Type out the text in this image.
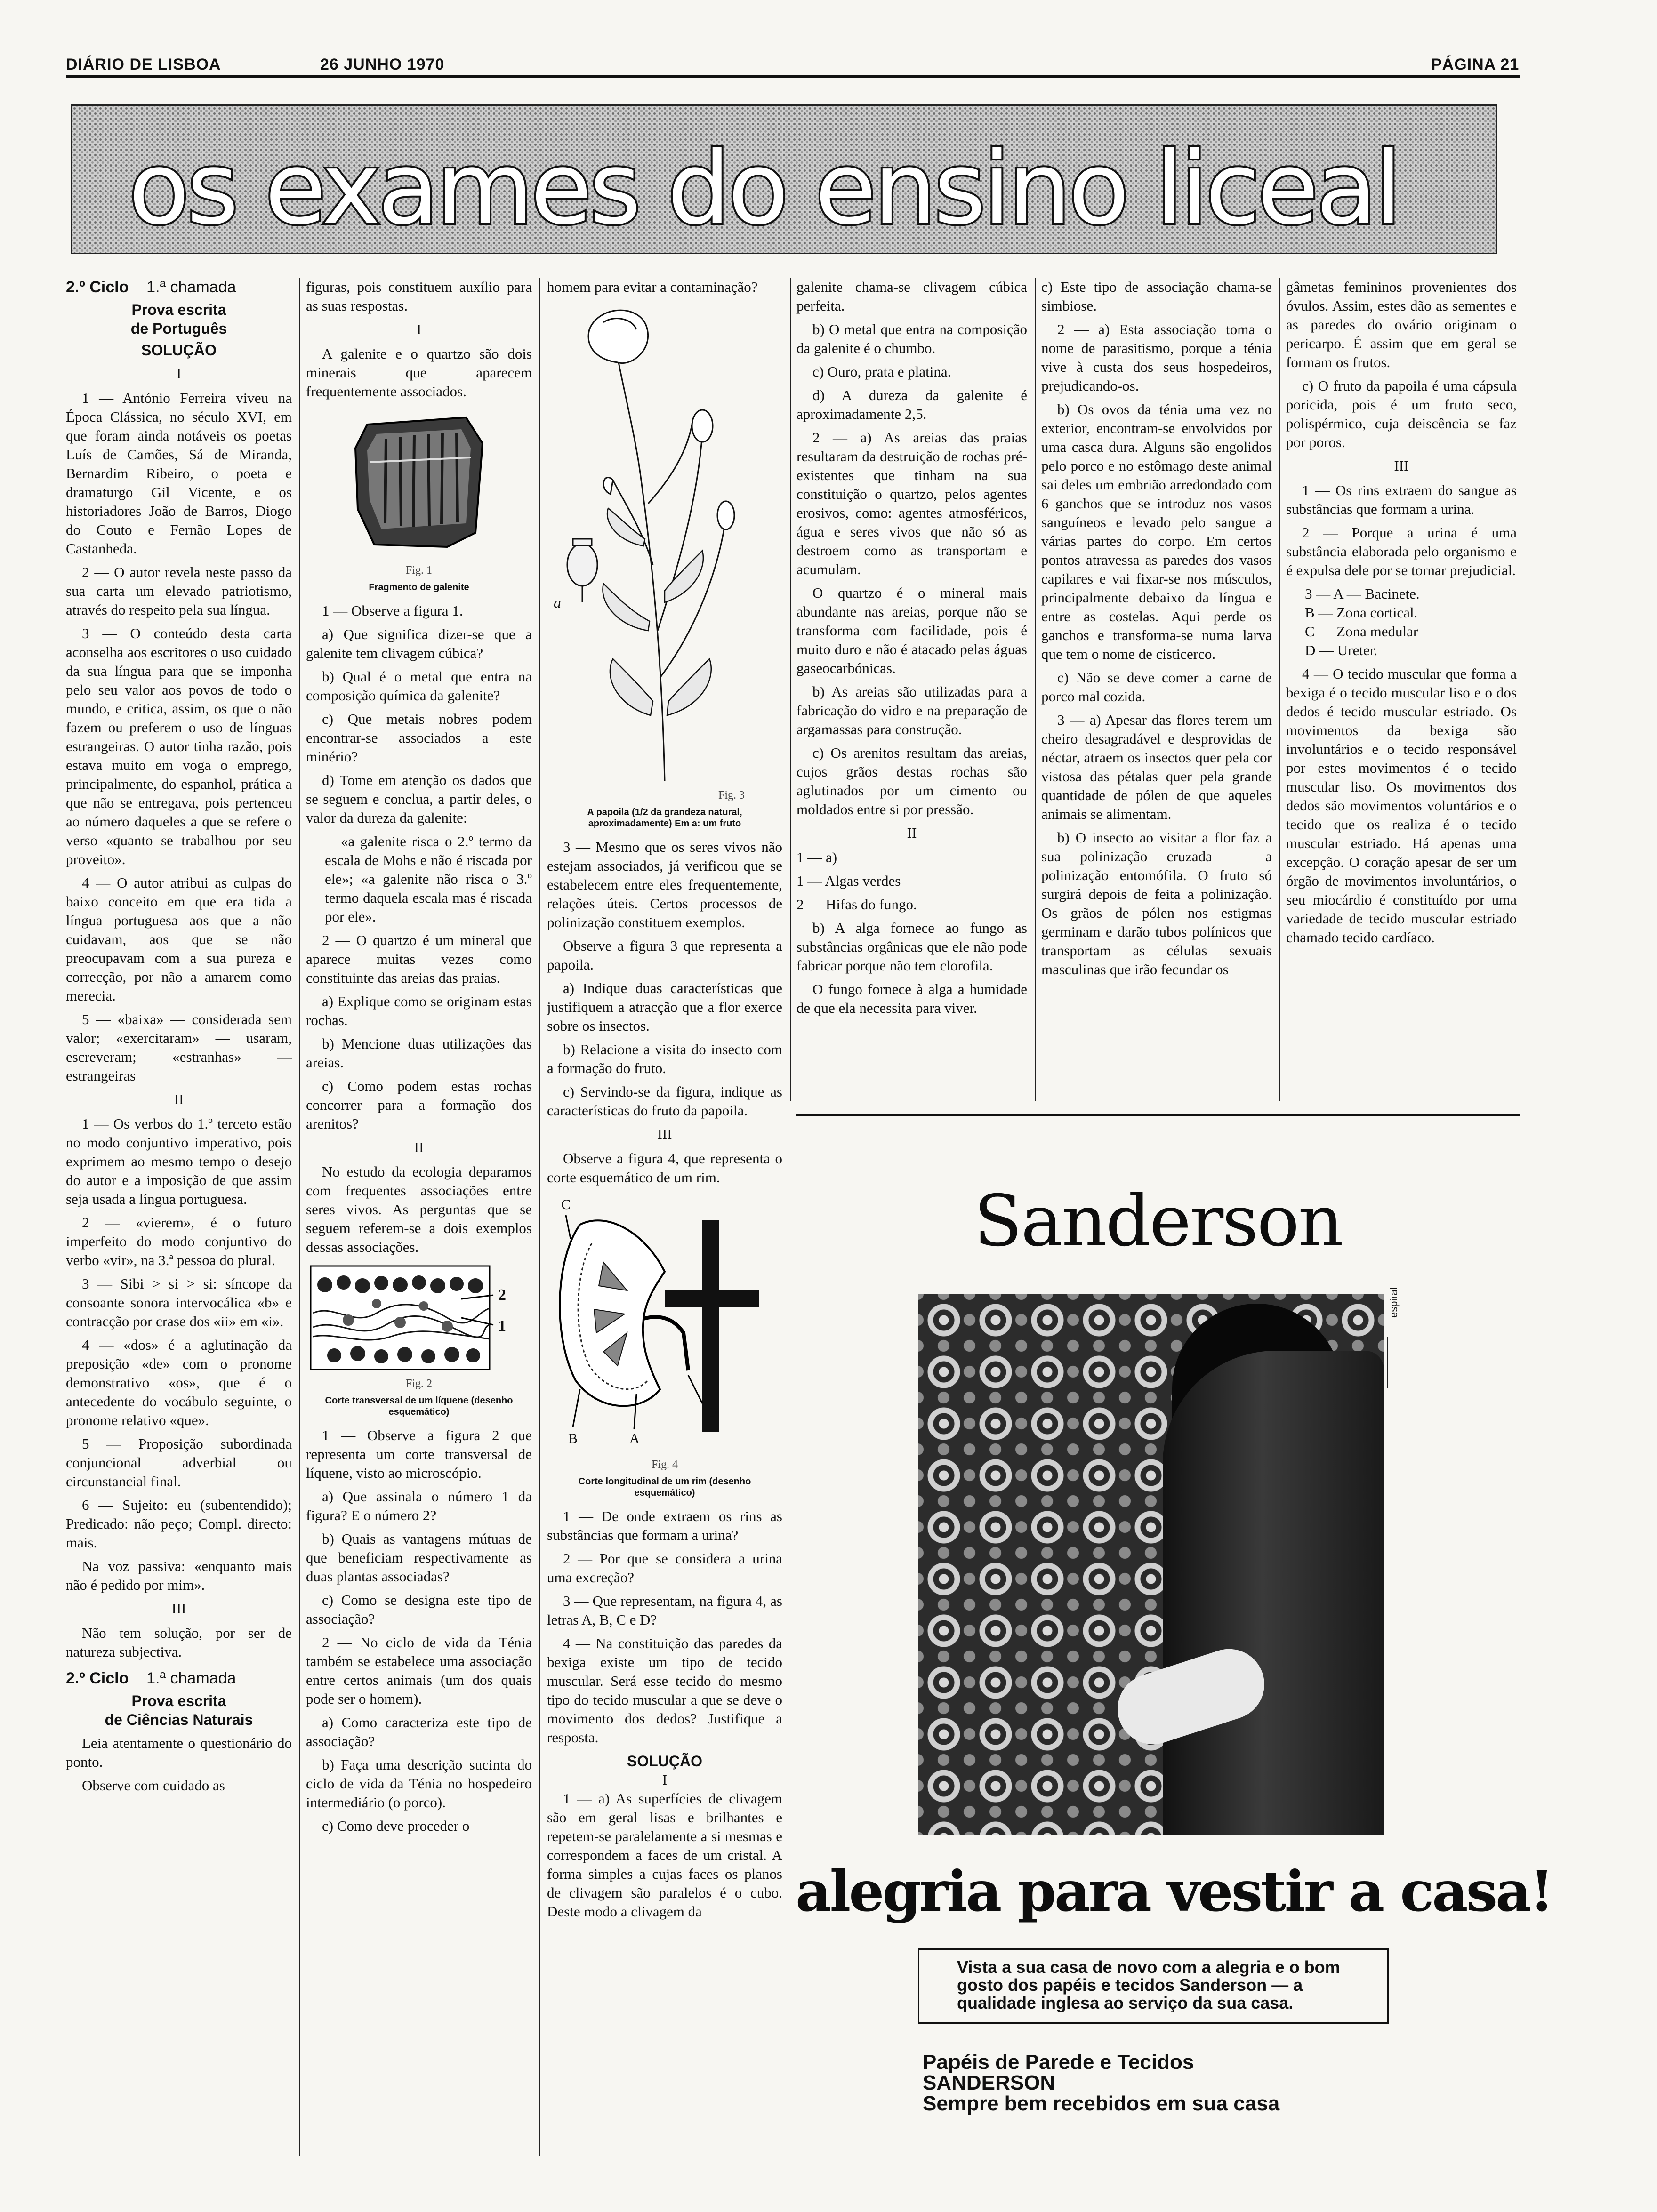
DIÁRIO DE LISBOA	26 JUNHO 1970	PÁGINA 21
os exames do ensino liceal

2.º Ciclo 1.ª chamada

Prova escrita

de Português

SOLUÇÃO

I

1 — António Ferreira viveu na Época Clássica, no século XVI, em que foram ainda notáveis os poetas Luís de Camões, Sá de Miranda, Bernardim Ribeiro, o poeta e dramaturgo Gil Vicente, e os historiadores João de Barros, Diogo do Couto e Fernão Lopes de Castanheda.

2 — O autor revela neste passo da sua carta um elevado patriotismo, através do respeito pela sua língua.

3 — O conteúdo desta carta aconselha aos escritores o uso cuidado da sua língua para que se imponha pelo seu valor aos povos de todo o mundo, e critica, assim, os que o não fazem ou preferem o uso de línguas estrangeiras. O autor tinha razão, pois estava muito em voga o emprego, principalmente, do espanhol, prática a que não se entregava, pois pertenceu ao número daqueles a que se refere o verso «quanto se trabalhou por seu proveito».

4 — O autor atribui as culpas do baixo conceito em que era tida a língua portuguesa aos que a não cuidavam, aos que se não preocupavam com a sua pureza e correcção, por não a amarem como merecia.

5 — «baixa» — considerada sem valor; «exercitaram» — usaram, escreveram; «estranhas» — estrangeiras

II

1 — Os verbos do 1.º terceto estão no modo conjuntivo imperativo, pois exprimem ao mesmo tempo o desejo do autor e a imposição de que assim seja usada a língua portuguesa.

2 — «vierem», é o futuro imperfeito do modo conjuntivo do verbo «vir», na 3.ª pessoa do plural.

3 — Sibi > si > si: síncope da consoante sonora intervocálica «b» e contracção por crase dos «ii» em «i».

4 — «dos» é a aglutinação da preposição «de» com o pronome demonstrativo «os», que é o antecedente do vocábulo seguinte, o pronome relativo «que».

5 — Proposição subordinada conjuncional adverbial ou circunstancial final.

6 — Sujeito: eu (subentendido); Predicado: não peço; Compl. directo: mais.

Na voz passiva: «enquanto mais não é pedido por mim».

III

Não tem solução, por ser de natureza subjectiva.

2.º Ciclo 1.ª chamada

Prova escrita

de Ciências Naturais

Leia atentamente o questionário do ponto.

Observe com cuidado as

figuras, pois constituem auxílio para as suas respostas.

I

A galenite e o quartzo são dois minerais que aparecem frequentemente associados.

Fig. 1

Fragmento de galenite

1 — Observe a figura 1.

a) Que significa dizer-se que a galenite tem clivagem cúbica?

b) Qual é o metal que entra na composição química da galenite?

c) Que metais nobres podem encontrar-se associados a este minério?

d) Tome em atenção os dados que se seguem e conclua, a partir deles, o valor da dureza da galenite:

«a galenite risca o 2.º termo da escala de Mohs e não é riscada por ele»; «a galenite não risca o 3.º termo daquela escala mas é riscada por ele».

2 — O quartzo é um mineral que aparece muitas vezes como constituinte das areias das praias.

a) Explique como se originam estas rochas.

b) Mencione duas utilizações das areias.

c) Como podem estas rochas concorrer para a formação dos arenitos?

II

No estudo da ecologia deparamos com frequentes associações entre seres vivos. As perguntas que se seguem referem-se a dois exemplos dessas associações.

2
1

Fig. 2

Corte transversal de um líquene (desenho esquemático)

1 — Observe a figura 2 que representa um corte transversal de líquene, visto ao microscópio.

a) Que assinala o número 1 da figura? E o número 2?

b) Quais as vantagens mútuas de que beneficiam respectivamente as duas plantas associadas?

c) Como se designa este tipo de associação?

2 — No ciclo de vida da Ténia também se estabelece uma associação entre certos animais (um dos quais pode ser o homem).

a) Como caracteriza este tipo de associação?

b) Faça uma descrição sucinta do ciclo de vida da Ténia no hospedeiro intermediário (o porco).

c) Como deve proceder o

homem para evitar a contaminação?

a

Fig. 3

A papoila (1/2 da grandeza natural, aproximadamente) Em a: um fruto

3 — Mesmo que os seres vivos não estejam associados, já verificou que se estabelecem entre eles frequentemente, relações úteis. Certos processos de polinização constituem exemplos.

Observe a figura 3 que representa a papoila.

a) Indique duas características que justifiquem a atracção que a flor exerce sobre os insectos.

b) Relacione a visita do insecto com a formação do fruto.

c) Servindo-se da figura, indique as características do fruto da papoila.

III

Observe a figura 4, que representa o corte esquemático de um rim.

C
A
B
D

Fig. 4

Corte longitudinal de um rim (desenho esquemático)

1 — De onde extraem os rins as substâncias que formam a urina?

2 — Por que se considera a urina uma excreção?

3 — Que representam, na figura 4, as letras A, B, C e D?

4 — Na constituição das paredes da bexiga existe um tipo de tecido muscular. Será esse tecido do mesmo tipo do tecido muscular a que se deve o movimento dos dedos? Justifique a resposta.

SOLUÇÃO

I

1 — a) As superfícies de clivagem são em geral lisas e brilhantes e repetem-se paralelamente a si mesmas e correspondem a faces de um cristal. A forma simples a cujas faces os planos de clivagem são paralelos é o cubo. Deste modo a clivagem da

galenite chama-se clivagem cúbica perfeita.

b) O metal que entra na composição da galenite é o chumbo.

c) Ouro, prata e platina.

d) A dureza da galenite é aproximadamente 2,5.

2 — a) As areias das praias resultaram da destruição de rochas pré-existentes que tinham na sua constituição o quartzo, pelos agentes erosivos, como: agentes atmosféricos, água e seres vivos que não só as destroem como as transportam e acumulam.

O quartzo é o mineral mais abundante nas areias, porque não se transforma com facilidade, pois é muito duro e não é atacado pelas águas gaseocarbónicas.

b) As areias são utilizadas para a fabricação do vidro e na preparação de argamassas para construção.

c) Os arenitos resultam das areias, cujos grãos destas rochas são aglutinados por um cimento ou moldados entre si por pressão.

II

1 — a)

1 — Algas verdes

2 — Hifas do fungo.

b) A alga fornece ao fungo as substâncias orgânicas que ele não pode fabricar porque não tem clorofila.

O fungo fornece à alga a humidade de que ela necessita para viver.

c) Este tipo de associação chama-se simbiose.

2 — a) Esta associação toma o nome de parasitismo, porque a ténia vive à custa dos seus hospedeiros, prejudicando-os.

b) Os ovos da ténia uma vez no exterior, encontram-se envolvidos por uma casca dura. Alguns são engolidos pelo porco e no estômago deste animal sai deles um embrião arredondado com 6 ganchos que se introduz nos vasos sanguíneos e levado pelo sangue a várias partes do corpo. Em certos pontos atravessa as paredes dos vasos capilares e vai fixar-se nos músculos, principalmente debaixo da língua e entre as costelas. Aqui perde os ganchos e transforma-se numa larva que tem o nome de cisticerco.

c) Não se deve comer a carne de porco mal cozida.

3 — a) Apesar das flores terem um cheiro desagradável e desprovidas de néctar, atraem os insectos quer pela cor vistosa das pétalas quer pela grande quantidade de pólen de que aqueles animais se alimentam.

b) O insecto ao visitar a flor faz a sua polinização cruzada — a polinização entomófila. O fruto só surgirá depois de feita a polinização. Os grãos de pólen nos estigmas germinam e darão tubos polínicos que transportam as células sexuais masculinas que irão fecundar os

gâmetas femininos provenientes dos óvulos. Assim, estes dão as sementes e as paredes do ovário originam o pericarpo. É assim que em geral se formam os frutos.

c) O fruto da papoila é uma cápsula poricida, pois é um fruto seco, polispérmico, cuja deiscência se faz por poros.

III

1 — Os rins extraem do sangue as substâncias que formam a urina.

2 — Porque a urina é uma substância elaborada pelo organismo e é expulsa dele por se tornar prejudicial.

3 — A — Bacinete.

B — Zona cortical.

C — Zona medular

D — Ureter.

4 — O tecido muscular que forma a bexiga é o tecido muscular liso e o dos dedos é tecido muscular estriado. Os movimentos da bexiga são involuntários e o tecido responsável por estes movimentos é o tecido muscular liso. Os movimentos dos dedos são movimentos voluntários e o tecido que os realiza é o tecido muscular estriado. Há apenas uma excepção. O coração apesar de ser um órgão de movimentos involuntários, o seu miocárdio é constituído por uma variedade de tecido muscular estriado chamado tecido cardíaco.

Sanderson
espiral
alegria para vestir a casa!
Vista a sua casa de novo com a alegria e o bom gosto dos papéis e tecidos Sanderson — a qualidade inglesa ao serviço da sua casa.
Papéis de Parede e Tecidos
SANDERSON
Sempre bem recebidos em sua casa
